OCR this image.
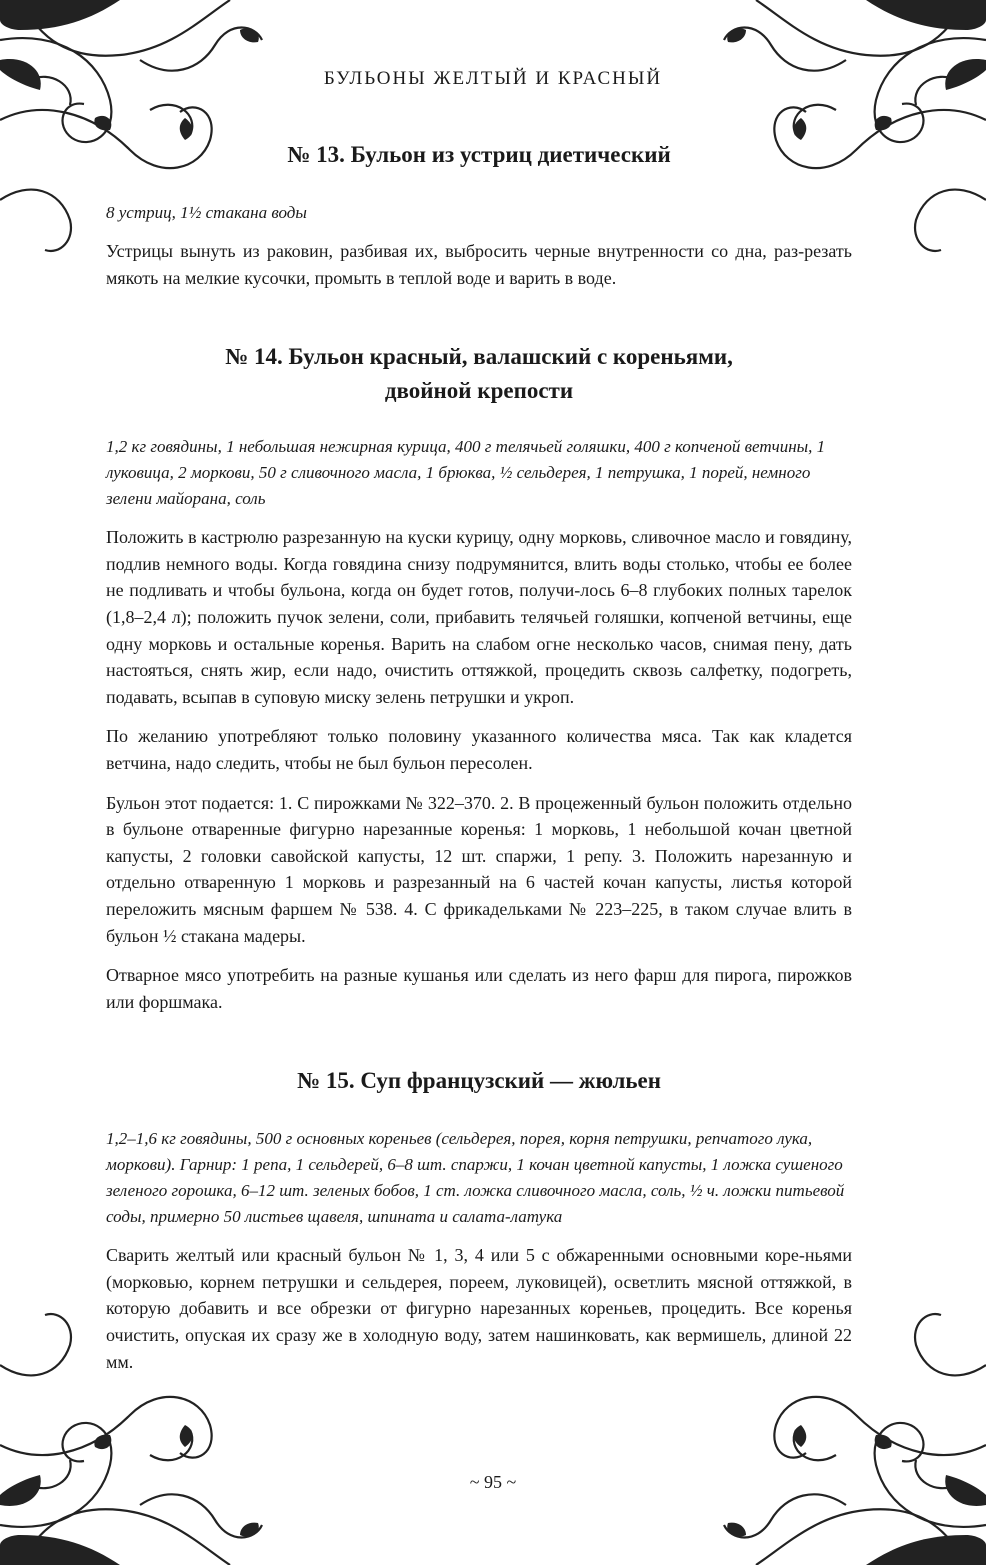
БУЛЬОНЫ ЖЕЛТЫЙ И КРАСНЫЙ
№ 13. Бульон из устриц диетический

8 устриц, 1½ стакана воды

Устрицы вынуть из раковин, разбивая их, выбросить черные внутренности со дна, раз-резать мякоть на мелкие кусочки, промыть в теплой воде и варить в воде.

№ 14. Бульон красный, валашский с кореньями,
двойной крепости

1,2 кг говядины, 1 небольшая нежирная курица, 400 г телячьей голяшки, 400 г копченой ветчины, 1 луковица, 2 моркови, 50 г сливочного масла, 1 брюква, ½ сельдерея, 1 петрушка, 1 порей, немного зелени майорана, соль

Положить в кастрюлю разрезанную на куски курицу, одну морковь, сливочное масло и говядину, подлив немного воды. Когда говядина снизу подрумянится, влить воды столько, чтобы ее более не подливать и чтобы бульона, когда он будет готов, получи-лось 6–8 глубоких полных тарелок (1,8–2,4 л); положить пучок зелени, соли, прибавить телячьей голяшки, копченой ветчины, еще одну морковь и остальные коренья. Варить на слабом огне несколько часов, снимая пену, дать настояться, снять жир, если надо, очистить оттяжкой, процедить сквозь салфетку, подогреть, подавать, всыпав в суповую миску зелень петрушки и укроп.

По желанию употребляют только половину указанного количества мяса. Так как кладется ветчина, надо следить, чтобы не был бульон пересолен.

Бульон этот подается: 1. С пирожками № 322–370. 2. В процеженный бульон положить отдельно в бульоне отваренные фигурно нарезанные коренья: 1 морковь, 1 небольшой кочан цветной капусты, 2 головки савойской капусты, 12 шт. спаржи, 1 репу. 3. Положить нарезанную и отдельно отваренную 1 морковь и разрезанный на 6 частей кочан капусты, листья которой переложить мясным фаршем № 538. 4. С фрикадельками № 223–225, в таком случае влить в бульон ½ стакана мадеры.

Отварное мясо употребить на разные кушанья или сделать из него фарш для пирога, пирожков или форшмака.

№ 15. Суп французский — жюльен

1,2–1,6 кг говядины, 500 г основных кореньев (сельдерея, порея, корня петрушки, репчатого лука, моркови). Гарнир: 1 репа, 1 сельдерей, 6–8 шт. спаржи, 1 кочан цветной капусты, 1 ложка сушеного зеленого горошка, 6–12 шт. зеленых бобов, 1 ст. ложка сливочного масла, соль, ½ ч. ложки питьевой соды, примерно 50 листьев щавеля, шпината и салата-латука

Сварить желтый или красный бульон № 1, 3, 4 или 5 с обжаренными основными коре-ньями (морковью, корнем петрушки и сельдерея, пореем, луковицей), осветлить мясной оттяжкой, в которую добавить и все обрезки от фигурно нарезанных кореньев, процедить. Все коренья очистить, опуская их сразу же в холодную воду, затем нашинковать, как вермишель, длиной 22 мм.

~ 95 ~
